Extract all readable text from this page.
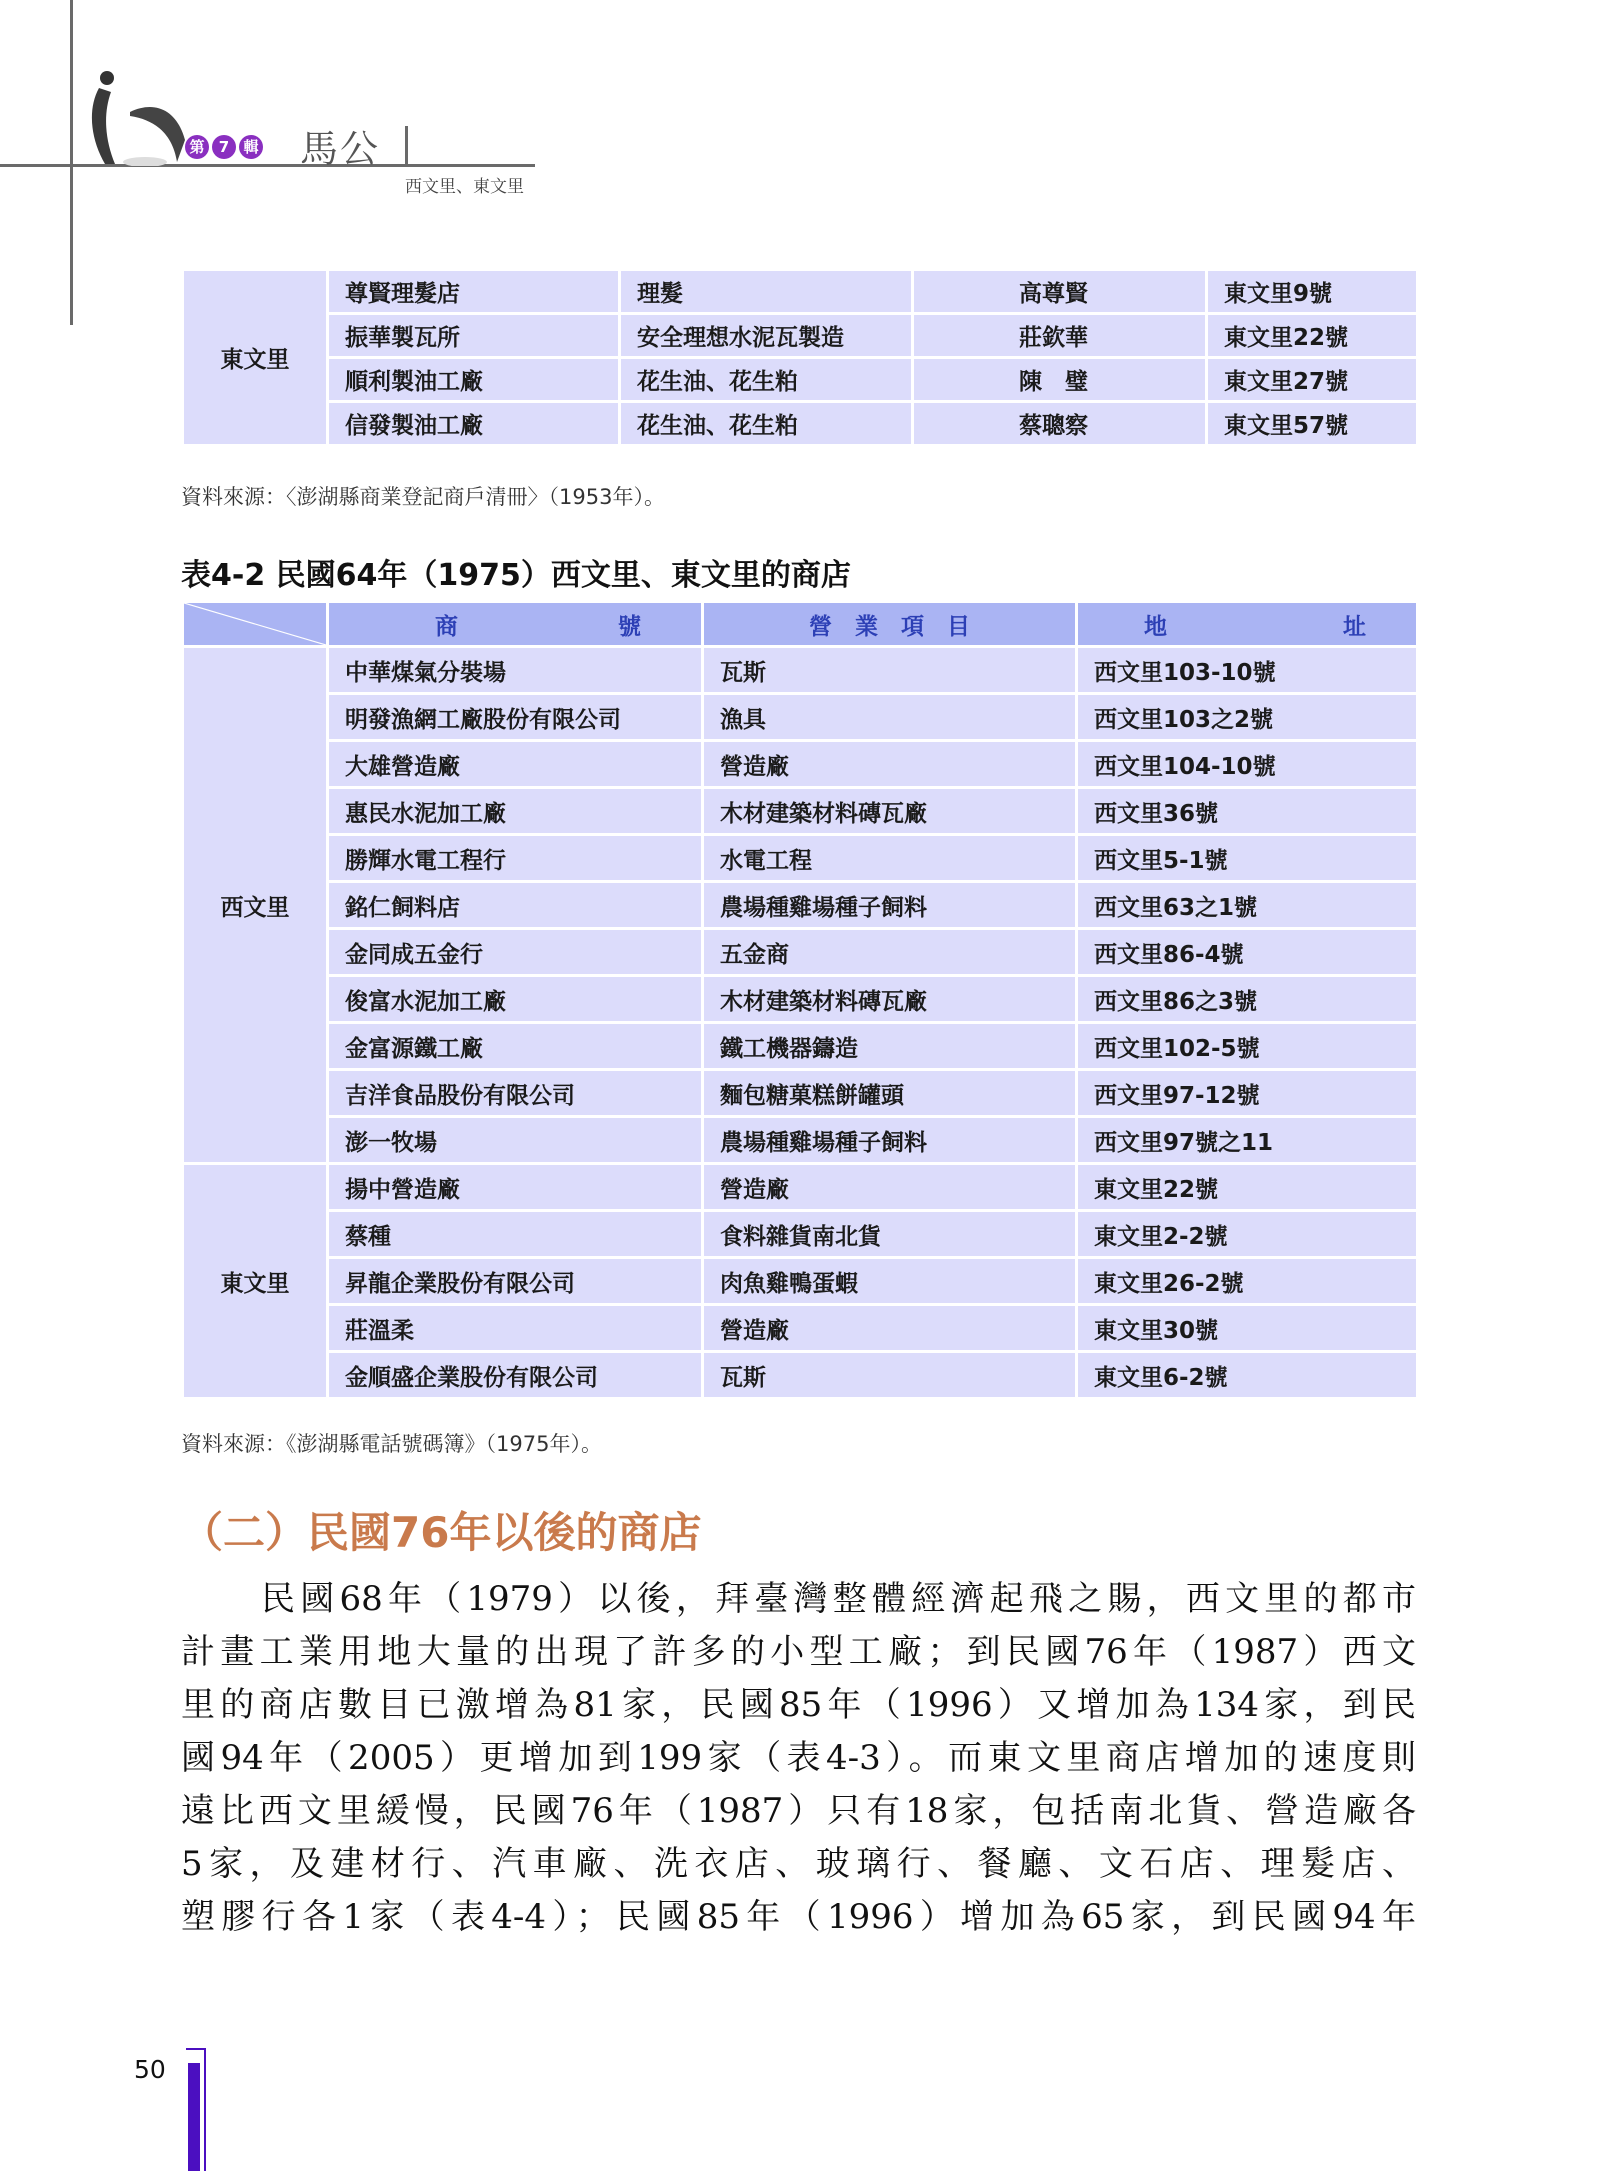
第 7 輯 馬公
西文里、東文里
東文里	尊賢理髮店	理髮	高尊賢	東文里9號
	振華製瓦所	安全理想水泥瓦製造	莊欽華	東文里22號
	順利製油工廠	花生油、花生粕	陳　璧	東文里27號
	信發製油工廠	花生油、花生粕	蔡聰察	東文里57號
資料來源：〈澎湖縣商業登記商戶清冊〉（1953年）。
表4-2 民國64年（1975）西文里、東文里的商店

商 號	營　業　項　目	地 址

西文里	中華煤氣分裝場	瓦斯	西文里103-10號
	明發漁網工廠股份有限公司	漁具	西文里103之2號
	大雄營造廠	營造廠	西文里104-10號
	惠民水泥加工廠	木材建築材料磚瓦廠	西文里36號
	勝輝水電工程行	水電工程	西文里5-1號
	銘仁飼料店	農場種雞場種子飼料	西文里63之1號
	金同成五金行	五金商	西文里86-4號
	俊富水泥加工廠	木材建築材料磚瓦廠	西文里86之3號
	金富源鐵工廠	鐵工機器鑄造	西文里102-5號
	吉洋食品股份有限公司	麵包糖菓糕餅罐頭	西文里97-12號
	澎一牧場	農場種雞場種子飼料	西文里97號之11
東文里	揚中營造廠	營造廠	東文里22號
	蔡種	食料雜貨南北貨	東文里2-2號
	昇龍企業股份有限公司	肉魚雞鴨蛋蝦	東文里26-2號
	莊溫柔	營造廠	東文里30號
	金順盛企業股份有限公司	瓦斯	東文里6-2號
資料來源：《澎湖縣電話號碼簿》（1975年）。
（二）民國76年以後的商店
民國68年（1979）以後，拜臺灣整體經濟起飛之賜，西文里的都市
計畫工業用地大量的出現了許多的小型工廠；到民國76年（1987）西文
里的商店數目已激增為81家，民國85年（1996）又增加為134家，到民
國94年（2005）更增加到199家（表4-3）。而東文里商店增加的速度則
遠比西文里緩慢，民國76年（1987）只有18家，包括南北貨、營造廠各
5家，及建材行、汽車廠、洗衣店、玻璃行、餐廳、文石店、理髮店、
塑膠行各1家（表4-4）；民國85年（1996）增加為65家，到民國94年
50
